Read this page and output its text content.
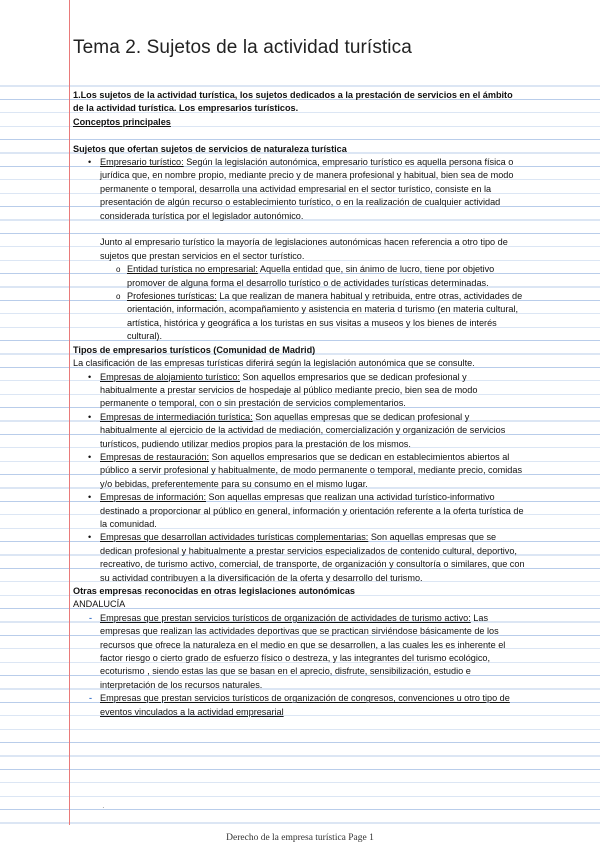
Tema 2. Sujetos de la actividad turística

1.Los sujetos de la actividad turística, los sujetos dedicados a la prestación de servicios en el ámbito de la actividad turística. Los empresarios turísticos.

Conceptos principales

Sujetos que ofertan sujetos de servicios de naturaleza turística

• Empresario turístico: Según la legislación autonómica, empresario turístico es aquella persona física o jurídica que, en nombre propio, mediante precio y de manera profesional y habitual, bien sea de modo permanente o temporal, desarrolla una actividad empresarial en el sector turístico, consiste en la presentación de algún recurso o establecimiento turístico, o en la realización de cualquier actividad considerada turística por el legislador autonómico.

Junto al empresario turístico la mayoría de legislaciones autonómicas hacen referencia a otro tipo de sujetos que prestan servicios en el sector turístico.

o Entidad turística no empresarial: Aquella entidad que, sin ánimo de lucro, tiene por objetivo promover de alguna forma el desarrollo turístico o de actividades turísticas determinadas.
o Profesiones turísticas: La que realizan de manera habitual y retribuida, entre otras, actividades de orientación, información, acompañamiento y asistencia en materia d turismo (en materia cultural, artística, histórica y geográfica a los turistas en sus visitas a museos y los bienes de interés cultural).

Tipos de empresarios turísticos (Comunidad de Madrid)

La clasificación de las empresas turísticas diferirá según la legislación autonómica que se consulte.

• Empresas de alojamiento turístico: Son aquellos empresarios que se dedican profesional y habitualmente a prestar servicios de hospedaje al público mediante precio, bien sea de modo permanente o temporal, con o sin prestación de servicios complementarios.
• Empresas de intermediación turística: Son aquellas empresas que se dedican profesional y habitualmente al ejercicio de la actividad de mediación, comercialización y organización de servicios turísticos, pudiendo utilizar medios propios para la prestación de los mismos.
• Empresas de restauración: Son aquellos empresarios que se dedican en establecimientos abiertos al público a servir profesional y habitualmente, de modo permanente o temporal, mediante precio, comidas y/o bebidas, preferentemente para su consumo en el mismo lugar.
• Empresas de información: Son aquellas empresas que realizan una actividad turístico-informativo destinado a proporcionar al público en general, información y orientación referente a la oferta turística de la comunidad.
• Empresas que desarrollan actividades turísticas complementarias: Son aquellas empresas que se dedican profesional y habitualmente a prestar servicios especializados de contenido cultural, deportivo, recreativo, de turismo activo, comercial, de transporte, de organización y consultoría o similares, que con su actividad contribuyen a la diversificación de la oferta y desarrollo del turismo.

Otras empresas reconocidas en otras legislaciones autonómicas

ANDALUCÍA

- Empresas que prestan servicios turísticos de organización de actividades de turismo activo: Las empresas que realizan las actividades deportivas que se practican sirviéndose básicamente de los recursos que ofrece la naturaleza en el medio en que se desarrollen, a las cuales les es inherente el factor riesgo o cierto grado de esfuerzo físico o destreza, y las integrantes del turismo ecológico, ecoturismo , siendo estas las que se basan en el aprecio, disfrute, sensibilización, estudio e interpretación de los recursos naturales.
- Empresas que prestan servicios turísticos de organización de congresos, convenciones u otro tipo de eventos vinculados a la actividad empresarial
·
Derecho de la empresa turística Page 1
